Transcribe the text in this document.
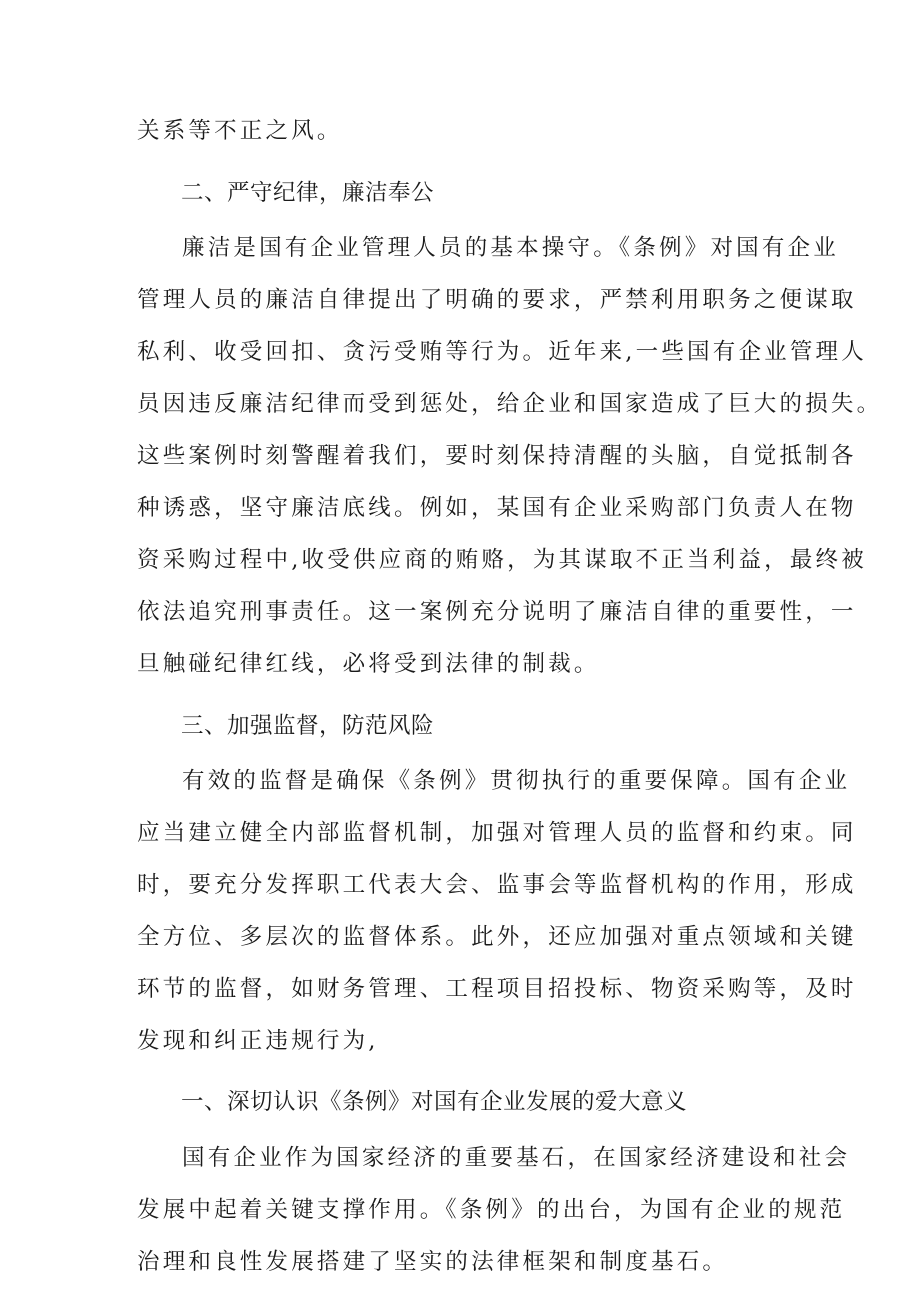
关系等不正之风。
二、严守纪律，廉洁奉公
廉洁是国有企业管理人员的基本操守。《条例》对国有企业
管理人员的廉洁自律提出了明确的要求，严禁利用职务之便谋取
私利、收受回扣、贪污受贿等行为。近年来,一些国有企业管理人
员因违反廉洁纪律而受到惩处，给企业和国家造成了巨大的损失。
这些案例时刻警醒着我们，要时刻保持清醒的头脑，自觉抵制各
种诱惑，坚守廉洁底线。例如，某国有企业采购部门负责人在物
资采购过程中,收受供应商的贿赂，为其谋取不正当利益，最终被
依法追究刑事责任。这一案例充分说明了廉洁自律的重要性，一
旦触碰纪律红线，必将受到法律的制裁。
三、加强监督，防范风险
有效的监督是确保《条例》贯彻执行的重要保障。国有企业
应当建立健全内部监督机制，加强对管理人员的监督和约束。同
时，要充分发挥职工代表大会、监事会等监督机构的作用，形成
全方位、多层次的监督体系。此外，还应加强对重点领域和关键
环节的监督，如财务管理、工程项目招投标、物资采购等，及时
发现和纠正违规行为,
一、深切认识《条例》对国有企业发展的爱大意义
国有企业作为国家经济的重要基石，在国家经济建设和社会
发展中起着关键支撑作用。《条例》的出台，为国有企业的规范
治理和良性发展搭建了坚实的法律框架和制度基石。
